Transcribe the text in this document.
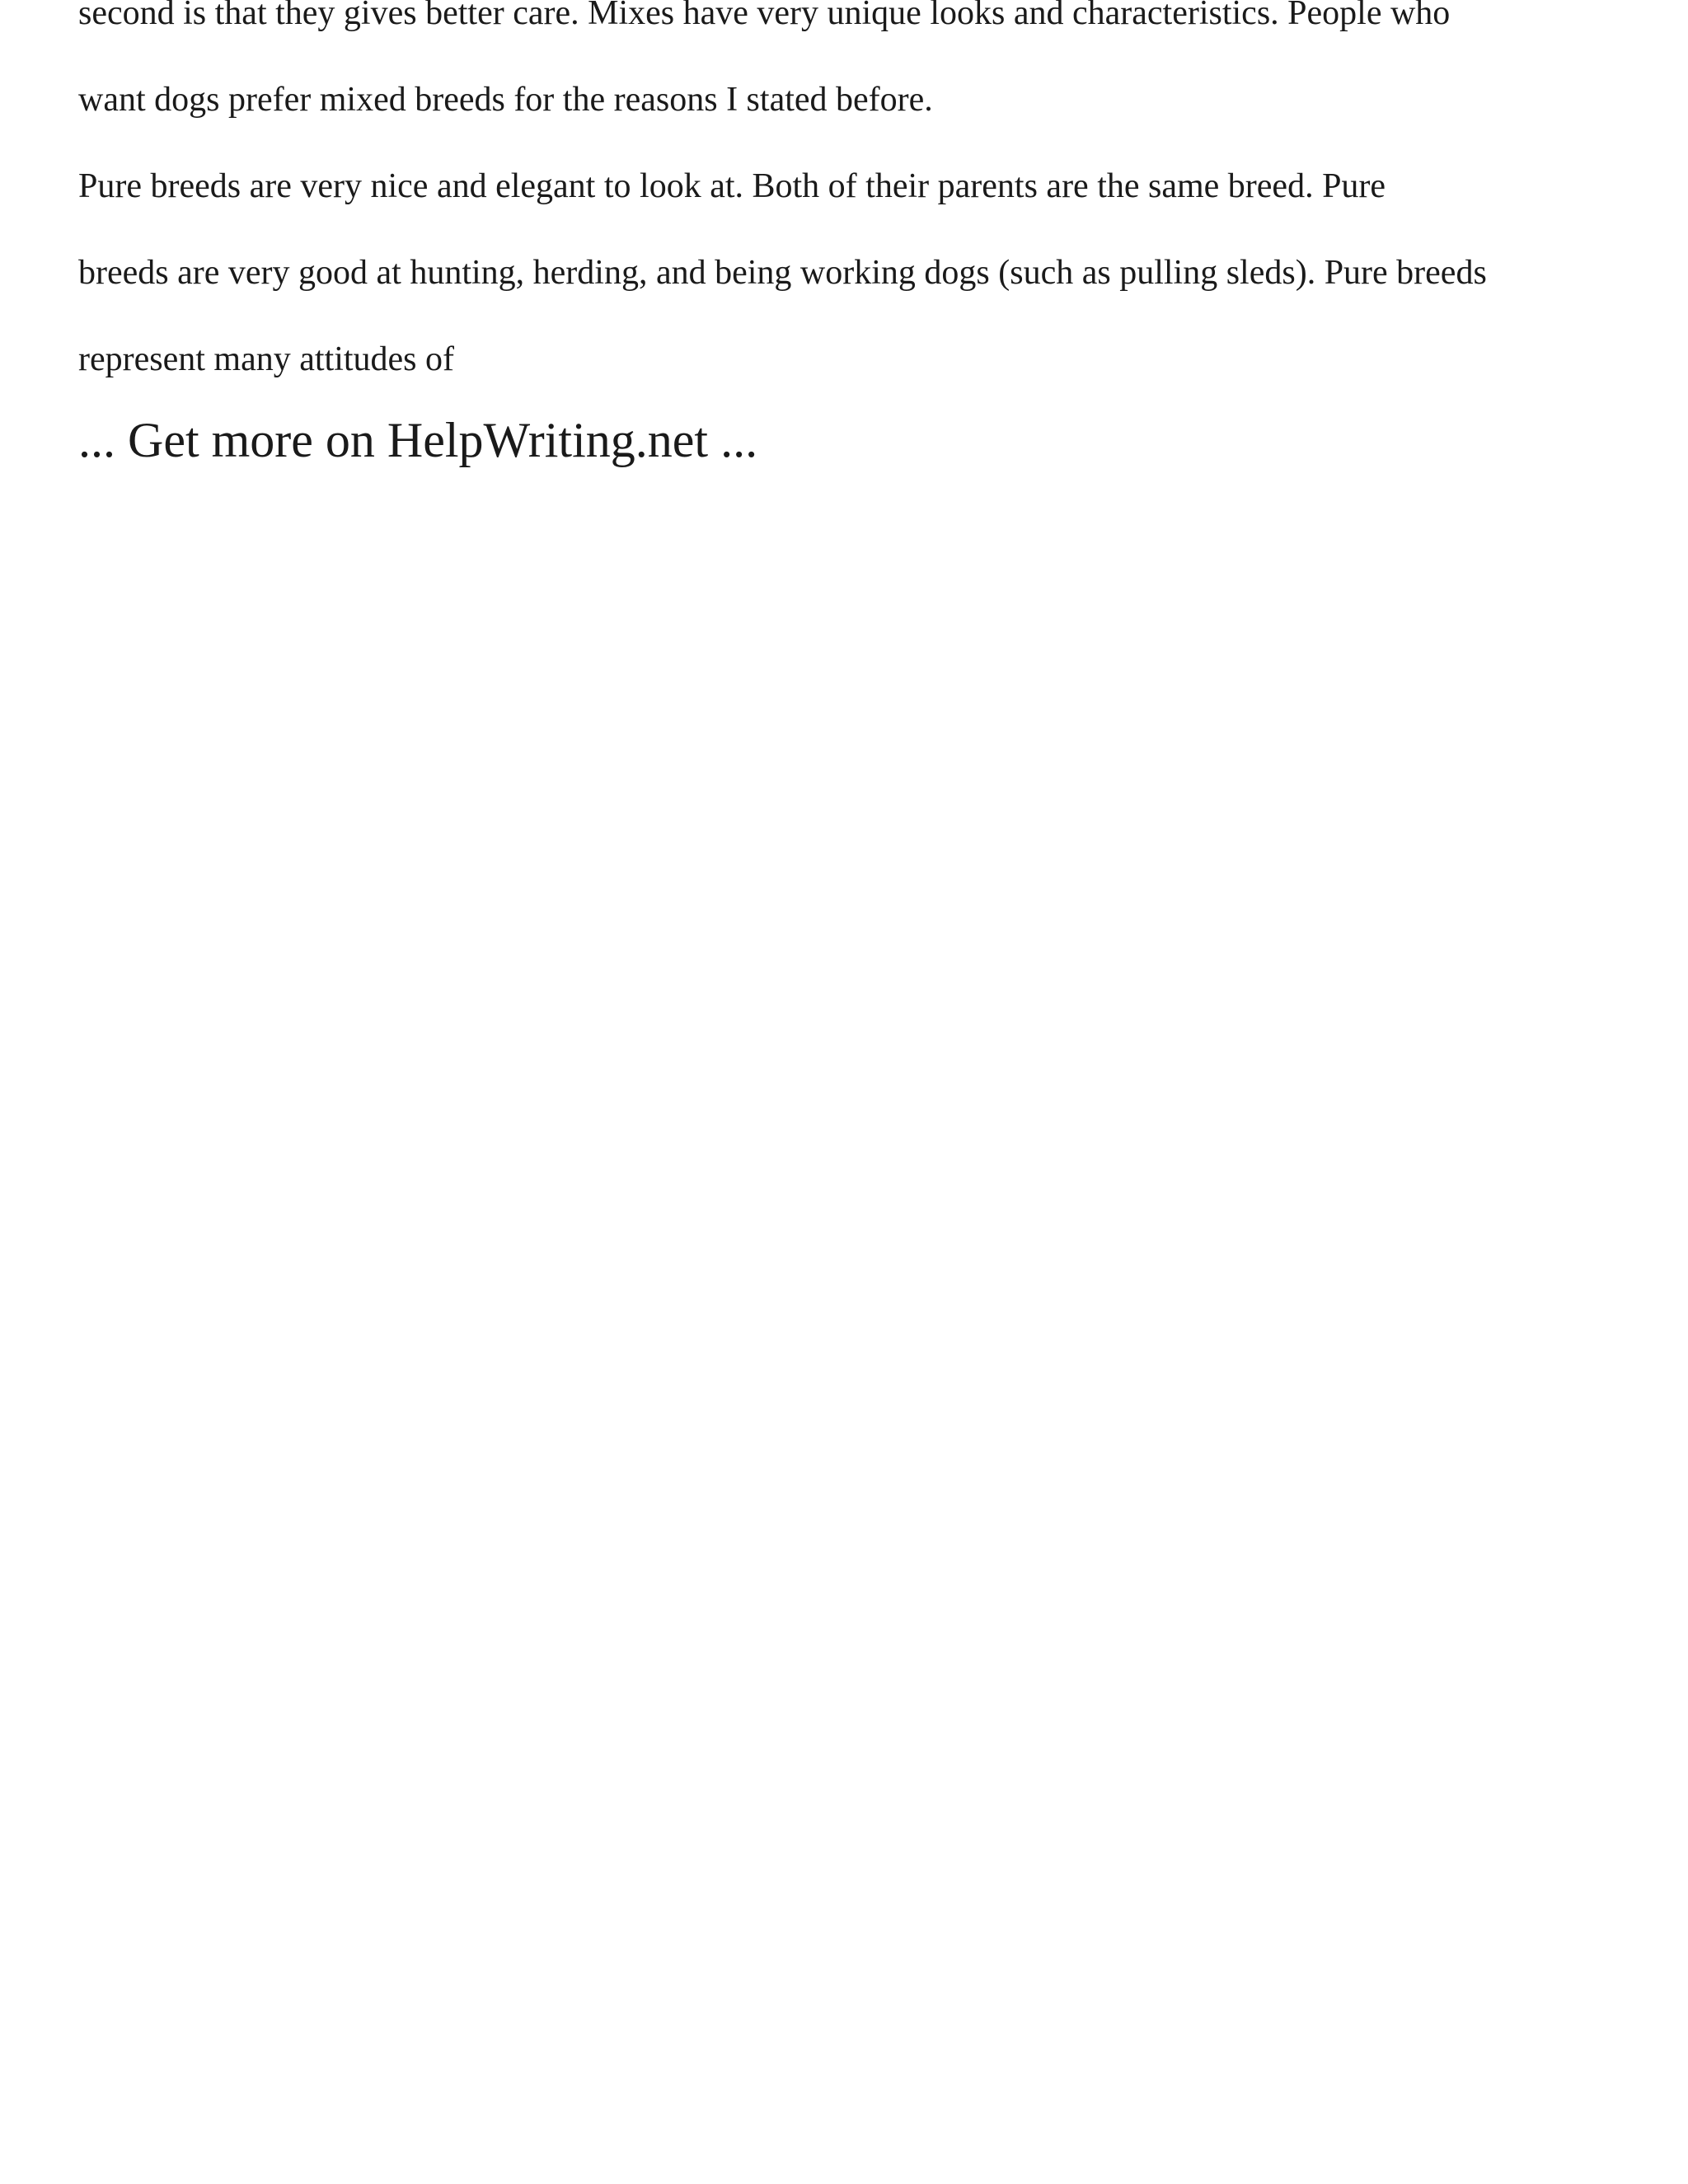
second is that they gives better care. Mixes have very unique looks and characteristics. People who
want dogs prefer mixed breeds for the reasons I stated before.
Pure breeds are very nice and elegant to look at. Both of their parents are the same breed. Pure
breeds are very good at hunting, herding, and being working dogs (such as pulling sleds). Pure breeds
represent many attitudes of
... Get more on HelpWriting.net ...
